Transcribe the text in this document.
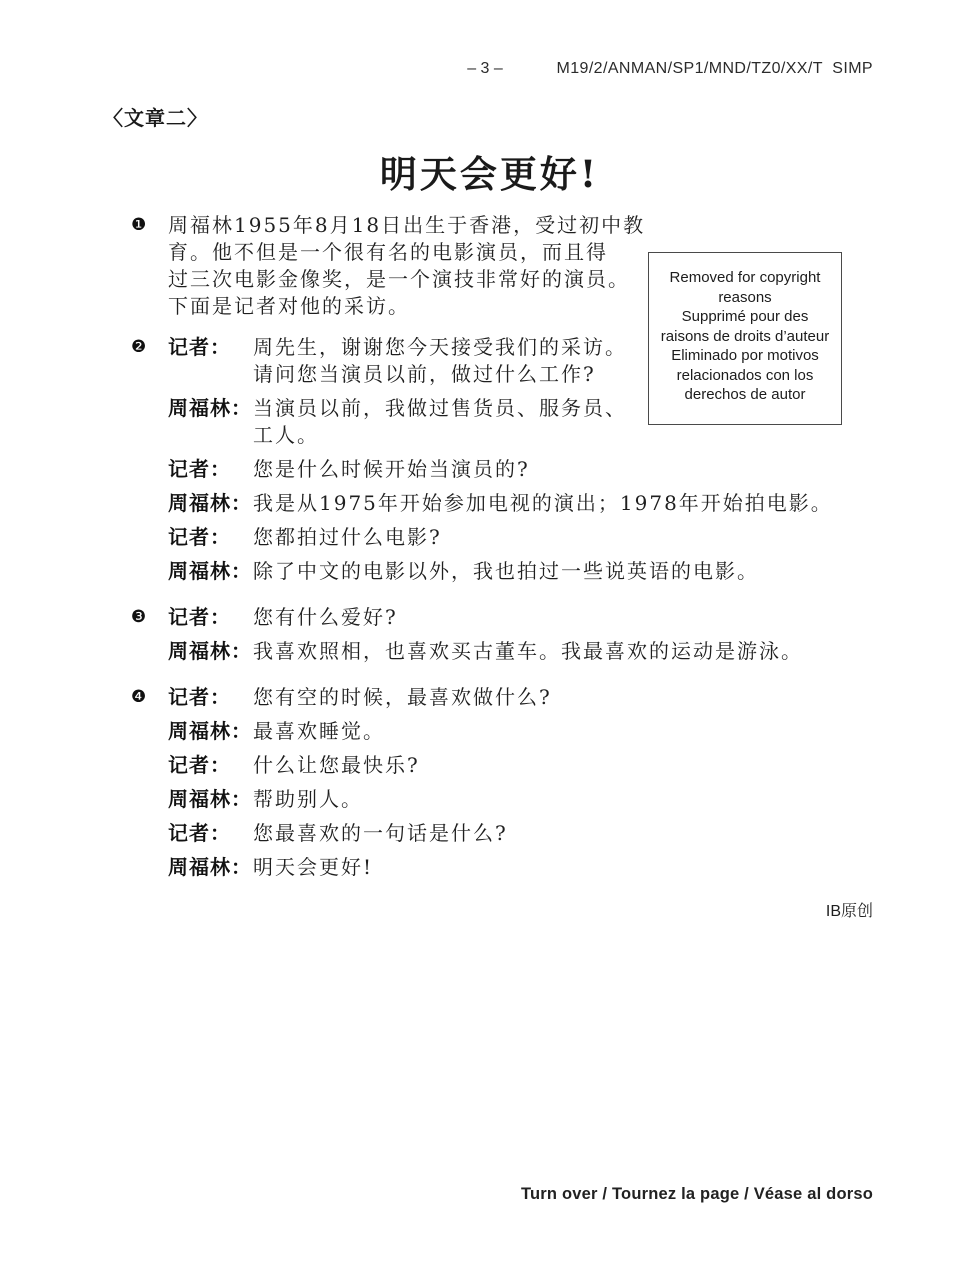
– 3 –	M19/2/ANMAN/SP1/MND/TZ0/XX/T  SIMP
〈文章二〉
明天会更好!
❶	周福林1955年8月18日出生于香港，受过初中教
育。他不但是一个很有名的电影演员，而且得
过三次电影金像奖，是一个演技非常好的演员。
下面是记者对他的采访。
Removed for copyright
reasons
Supprimé pour des
raisons de droits d’auteur
Eliminado por motivos
relacionados con los
derechos de autor
❷	记者：	周先生，谢谢您今天接受我们的采访。
请问您当演员以前，做过什么工作?
周福林： 当演员以前，我做过售货员、服务员、
工人。
记者：	您是什么时候开始当演员的?
周福林： 我是从1975年开始参加电视的演出；1978年开始拍电影。
记者：	您都拍过什么电影?
周福林： 除了中文的电影以外，我也拍过一些说英语的电影。
❸	记者：	您有什么爱好?
周福林： 我喜欢照相，也喜欢买古董车。我最喜欢的运动是游泳。
❹	记者：	您有空的时候，最喜欢做什么?
周福林： 最喜欢睡觉。
记者：	什么让您最快乐?
周福林： 帮助别人。
记者：	您最喜欢的一句话是什么?
周福林： 明天会更好!
IB原创
Turn over / Tournez la page / Véase al dorso
